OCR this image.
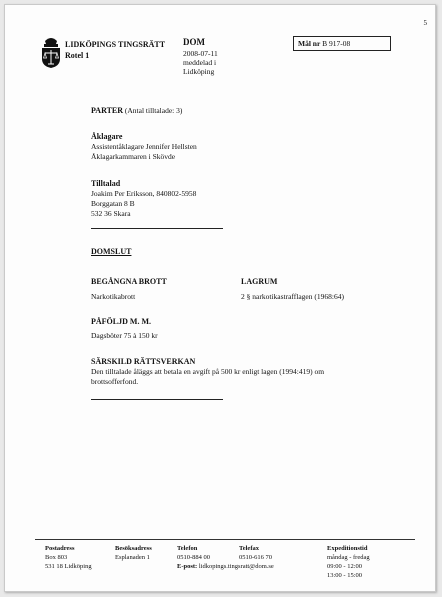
5
LIDKÖPINGS TINGSRÄTT
Rotel 1
DOM
2008-07-11
meddelad i
Lidköping
Mål nr B 917-08
PARTER (Antal tilltalade: 3)
Åklagare
Assistentåklagare Jennifer Hellsten
Åklagarkammaren i Skövde
Tilltalad
Joakim Per Eriksson, 840802-5958
Borggatan 8 B
532 36 Skara
DOMSLUT
BEGÅNGNA BROTT
Narkotikabrott
LAGRUM
2 § narkotikastrafflagen (1968:64)
PÅFÖLJD M. M.
Dagsböter 75 à 150 kr
SÄRSKILD RÄTTSVERKAN
Den tilltalade åläggs att betala en avgift på 500 kr enligt lagen (1994:419) om
brottsofferfond.
Postadress
Box 803
531 18 Lidköping
Besöksadress
Esplanaden 1
Telefon
0510-884 00
E-post: lidkopings.tingsratt@dom.se
Telefax
0510-616 70
Expeditionstid
måndag - fredag
09:00 - 12:00
13:00 - 15:00
